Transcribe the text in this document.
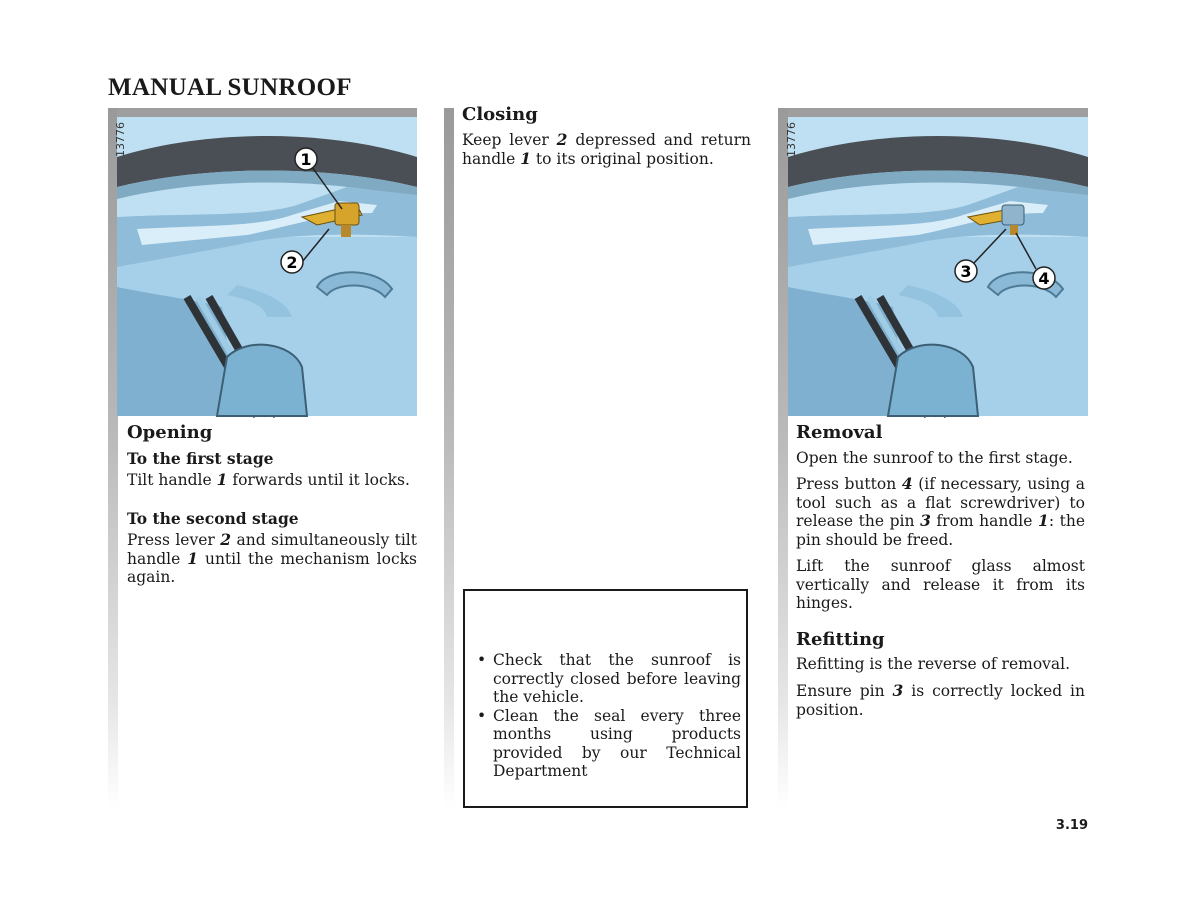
MANUAL SUNROOF
13776
1
2
13776
3	4
Opening
To the first stage

Tilt handle 1 forwards until it locks.

To the second stage

Press lever 2 and simultaneously tilt handle 1 until the mechanism locks again.

Closing

Keep lever 2 depressed and return handle 1 to its original position.

• Check that the sunroof is correctly closed before leaving the vehicle.
• Clean the seal every three months using products provided by our Technical Department
Removal

Open the sunroof to the first stage.

Press button 4 (if necessary, using a tool such as a flat screwdriver) to release the pin 3 from handle 1: the pin should be freed.

Lift the sunroof glass almost vertically and release it from its hinges.

Refitting

Refitting is the reverse of removal.

Ensure pin 3 is correctly locked in position.

3.19
